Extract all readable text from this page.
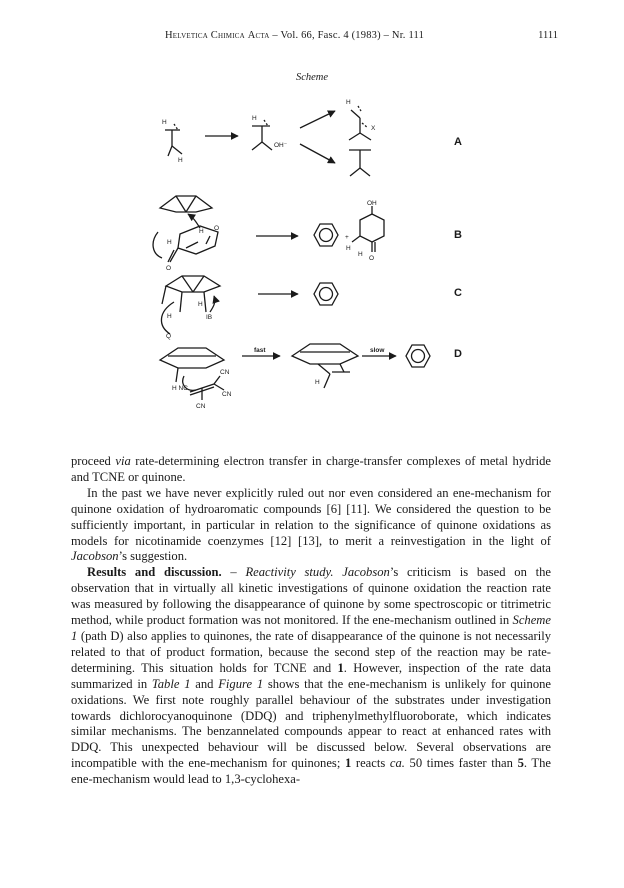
Helvetica Chimica Acta – Vol. 66, Fasc. 4 (1983) – Nr. 111	1111
Scheme
H
H
H
OH⁻
H
X
H O
H
O
+
OH
H
H
O
H
IB
H
Q
H NC
CN
CN
CN
H
fast	slow
A
B
C
D

proceed via rate-determining electron transfer in charge-transfer complexes of metal hydride and TCNE or quinone.

In the past we have never explicitly ruled out nor even considered an ene-mechanism for quinone oxidation of hydroaromatic compounds [6] [11]. We considered the question to be sufficiently important, in particular in relation to the significance of quinone oxidations as models for nicotinamide coenzymes [12] [13], to merit a reinvestigation in the light of Jacobson’s suggestion.

Results and discussion. – Reactivity study. Jacobson’s criticism is based on the observation that in virtually all kinetic investigations of quinone oxidation the reaction rate was measured by following the disappearance of quinone by some spectroscopic or titrimetric method, while product formation was not monitored. If the ene-mechanism outlined in Scheme 1 (path D) also applies to quinones, the rate of disappearance of the quinone is not necessarily related to that of product formation, because the second step of the reaction may be rate-determining. This situation holds for TCNE and 1. However, inspection of the rate data summarized in Table 1 and Figure 1 shows that the ene-mechanism is unlikely for quinone oxidations. We first note roughly parallel behaviour of the substrates under investigation towards dichlorocyanoquinone (DDQ) and triphenylmethylfluoroborate, which indicates similar mechanisms. The benzannelated compounds appear to react at enhanced rates with DDQ. This unexpected behaviour will be discussed below. Several observations are incompatible with the ene-mechanism for quinones; 1 reacts ca. 50 times faster than 5. The ene-mechanism would lead to 1,3-cyclohexa-
